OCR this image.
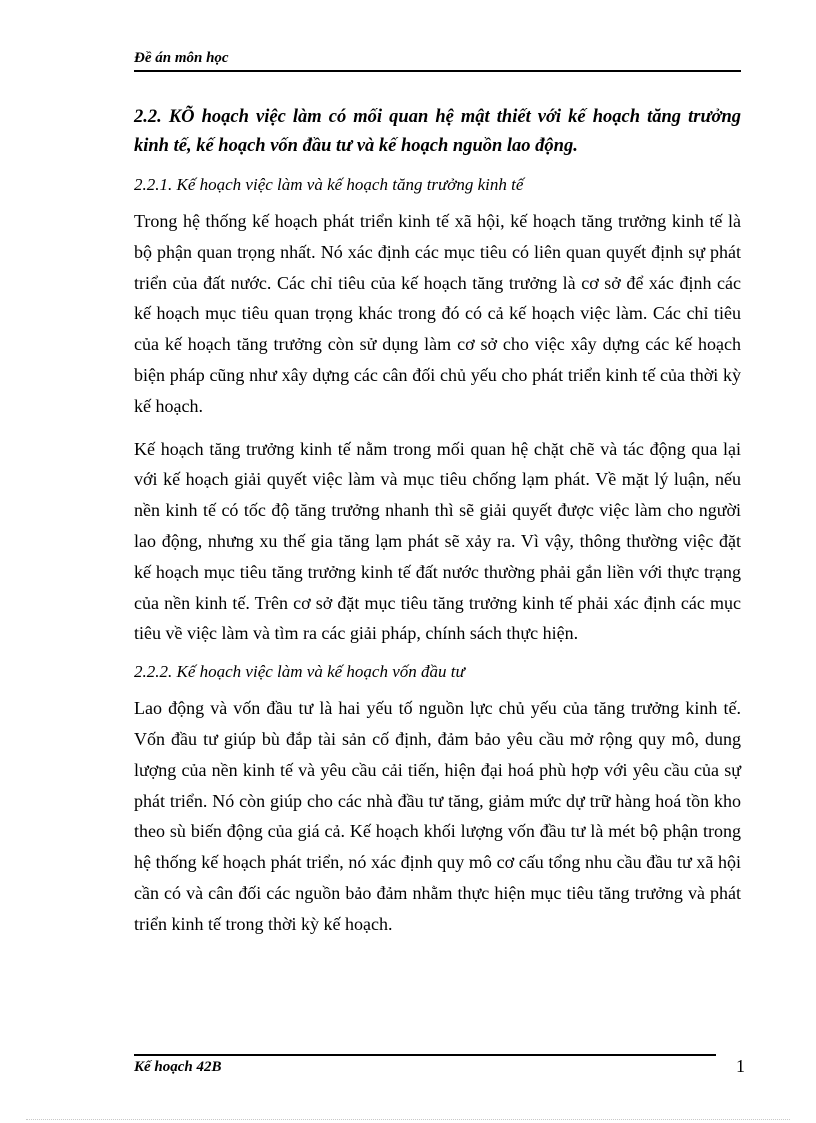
Đề án môn học
2.2. KÕ hoạch việc làm có mối quan hệ mật thiết với kế hoạch tăng trưởng kinh tế, kế hoạch vốn đầu tư và kế hoạch nguồn lao động.
2.2.1. Kế hoạch việc làm và kế hoạch tăng trưởng kinh tế

Trong hệ thống kế hoạch phát triển kinh tế xã hội, kế hoạch tăng trưởng kinh tế là bộ phận quan trọng nhất. Nó xác định các mục tiêu có liên quan quyết định sự phát triển của đất nước. Các chỉ tiêu của kế hoạch tăng trưởng là cơ sở để xác định các kế hoạch mục tiêu quan trọng khác trong đó có cả kế hoạch việc làm. Các chỉ tiêu của kế hoạch tăng trưởng còn sử dụng làm cơ sở cho việc xây dựng các kế hoạch biện pháp cũng như xây dựng các cân đối chủ yếu cho phát triển kinh tế của thời kỳ kế hoạch.

Kế hoạch tăng trưởng kinh tế nằm trong mối quan hệ chặt chẽ và tác động qua lại với kế hoạch giải quyết việc làm và mục tiêu chống lạm phát. Về mặt lý luận, nếu nền kinh tế có tốc độ tăng trưởng nhanh thì sẽ giải quyết được việc làm cho người lao động, nhưng xu thế gia tăng lạm phát sẽ xảy ra. Vì vậy, thông thường việc đặt kế hoạch mục tiêu tăng trưởng kinh tế đất nước thường phải gắn liền với thực trạng của nền kinh tế. Trên cơ sở đặt mục tiêu tăng trưởng kinh tế phải xác định các mục tiêu về việc làm và tìm ra các giải pháp, chính sách thực hiện.

2.2.2. Kế hoạch việc làm và kế hoạch vốn đầu tư

Lao động và vốn đầu tư là hai yếu tố nguồn lực chủ yếu của tăng trưởng kinh tế. Vốn đầu tư giúp bù đắp tài sản cố định, đảm bảo yêu cầu mở rộng quy mô, dung lượng của nền kinh tế và yêu cầu cải tiến, hiện đại hoá phù hợp với yêu cầu của sự phát triển. Nó còn giúp cho các nhà đầu tư tăng, giảm mức dự trữ hàng hoá tồn kho theo sù biến động của giá cả. Kế hoạch khối lượng vốn đầu tư là mét bộ phận trong hệ thống kế hoạch phát triển, nó xác định quy mô cơ cấu tổng nhu cầu đầu tư xã hội cần có và cân đối các nguồn bảo đảm nhằm thực hiện mục tiêu tăng trưởng và phát triển kinh tế trong thời kỳ kế hoạch.

Kế hoạch 42B	1
